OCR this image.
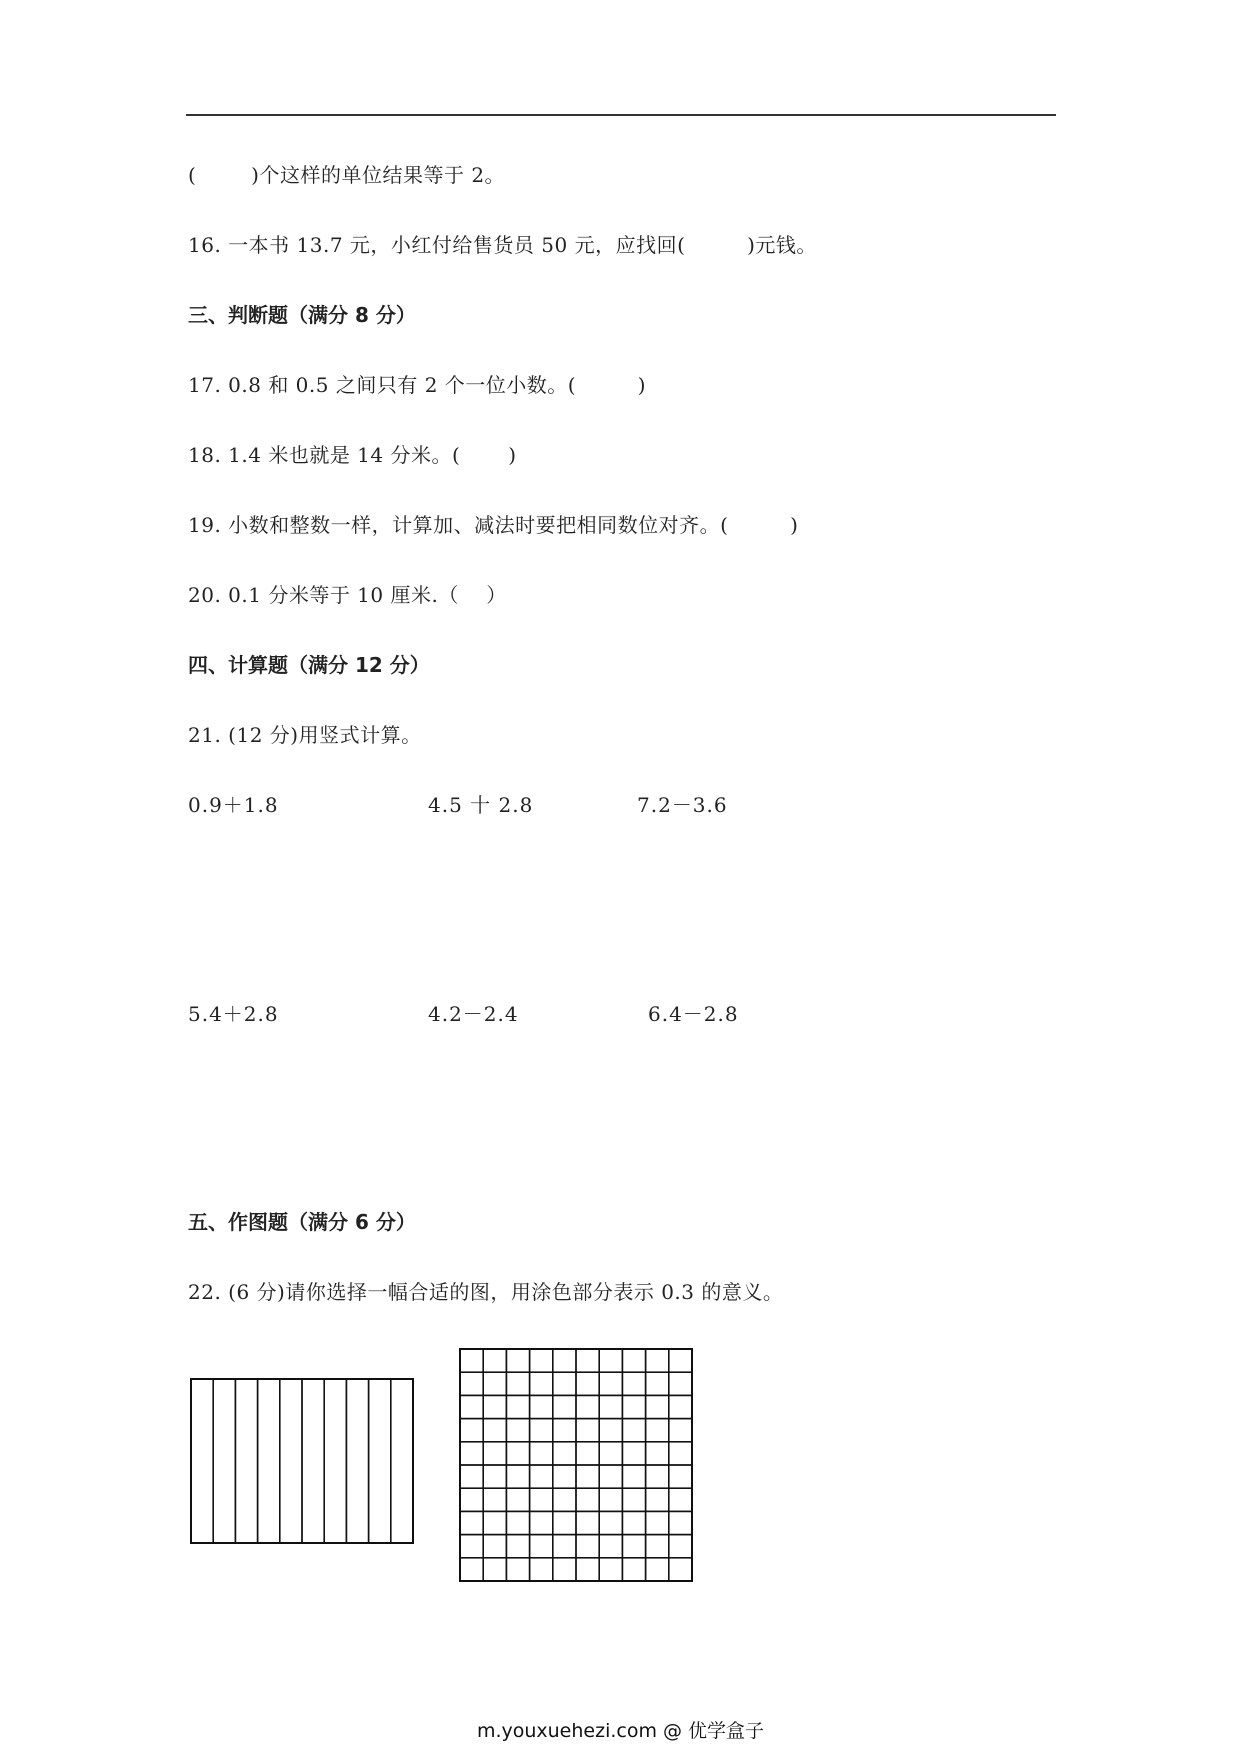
(        )个这样的单位结果等于 2。
16. 一本书 13.7 元，小红付给售货员 50 元，应找回(         )元钱。
三、判断题（满分 8 分）
17. 0.8 和 0.5 之间只有 2 个一位小数。(         )
18. 1.4 米也就是 14 分米。(       )
19. 小数和整数一样，计算加、减法时要把相同数位对齐。(         )
20. 0.1 分米等于 10 厘米.（    ）
四、计算题（满分 12 分）
21. (12 分)用竖式计算。
0.9＋1.8	4.5 十 2.8	7.2－3.6
5.4＋2.8	4.2－2.4	6.4－2.8
五、作图题（满分 6 分）
22. (6 分)请你选择一幅合适的图，用涂色部分表示 0.3 的意义。
m.youxuehezi.com @ 优学盒子
